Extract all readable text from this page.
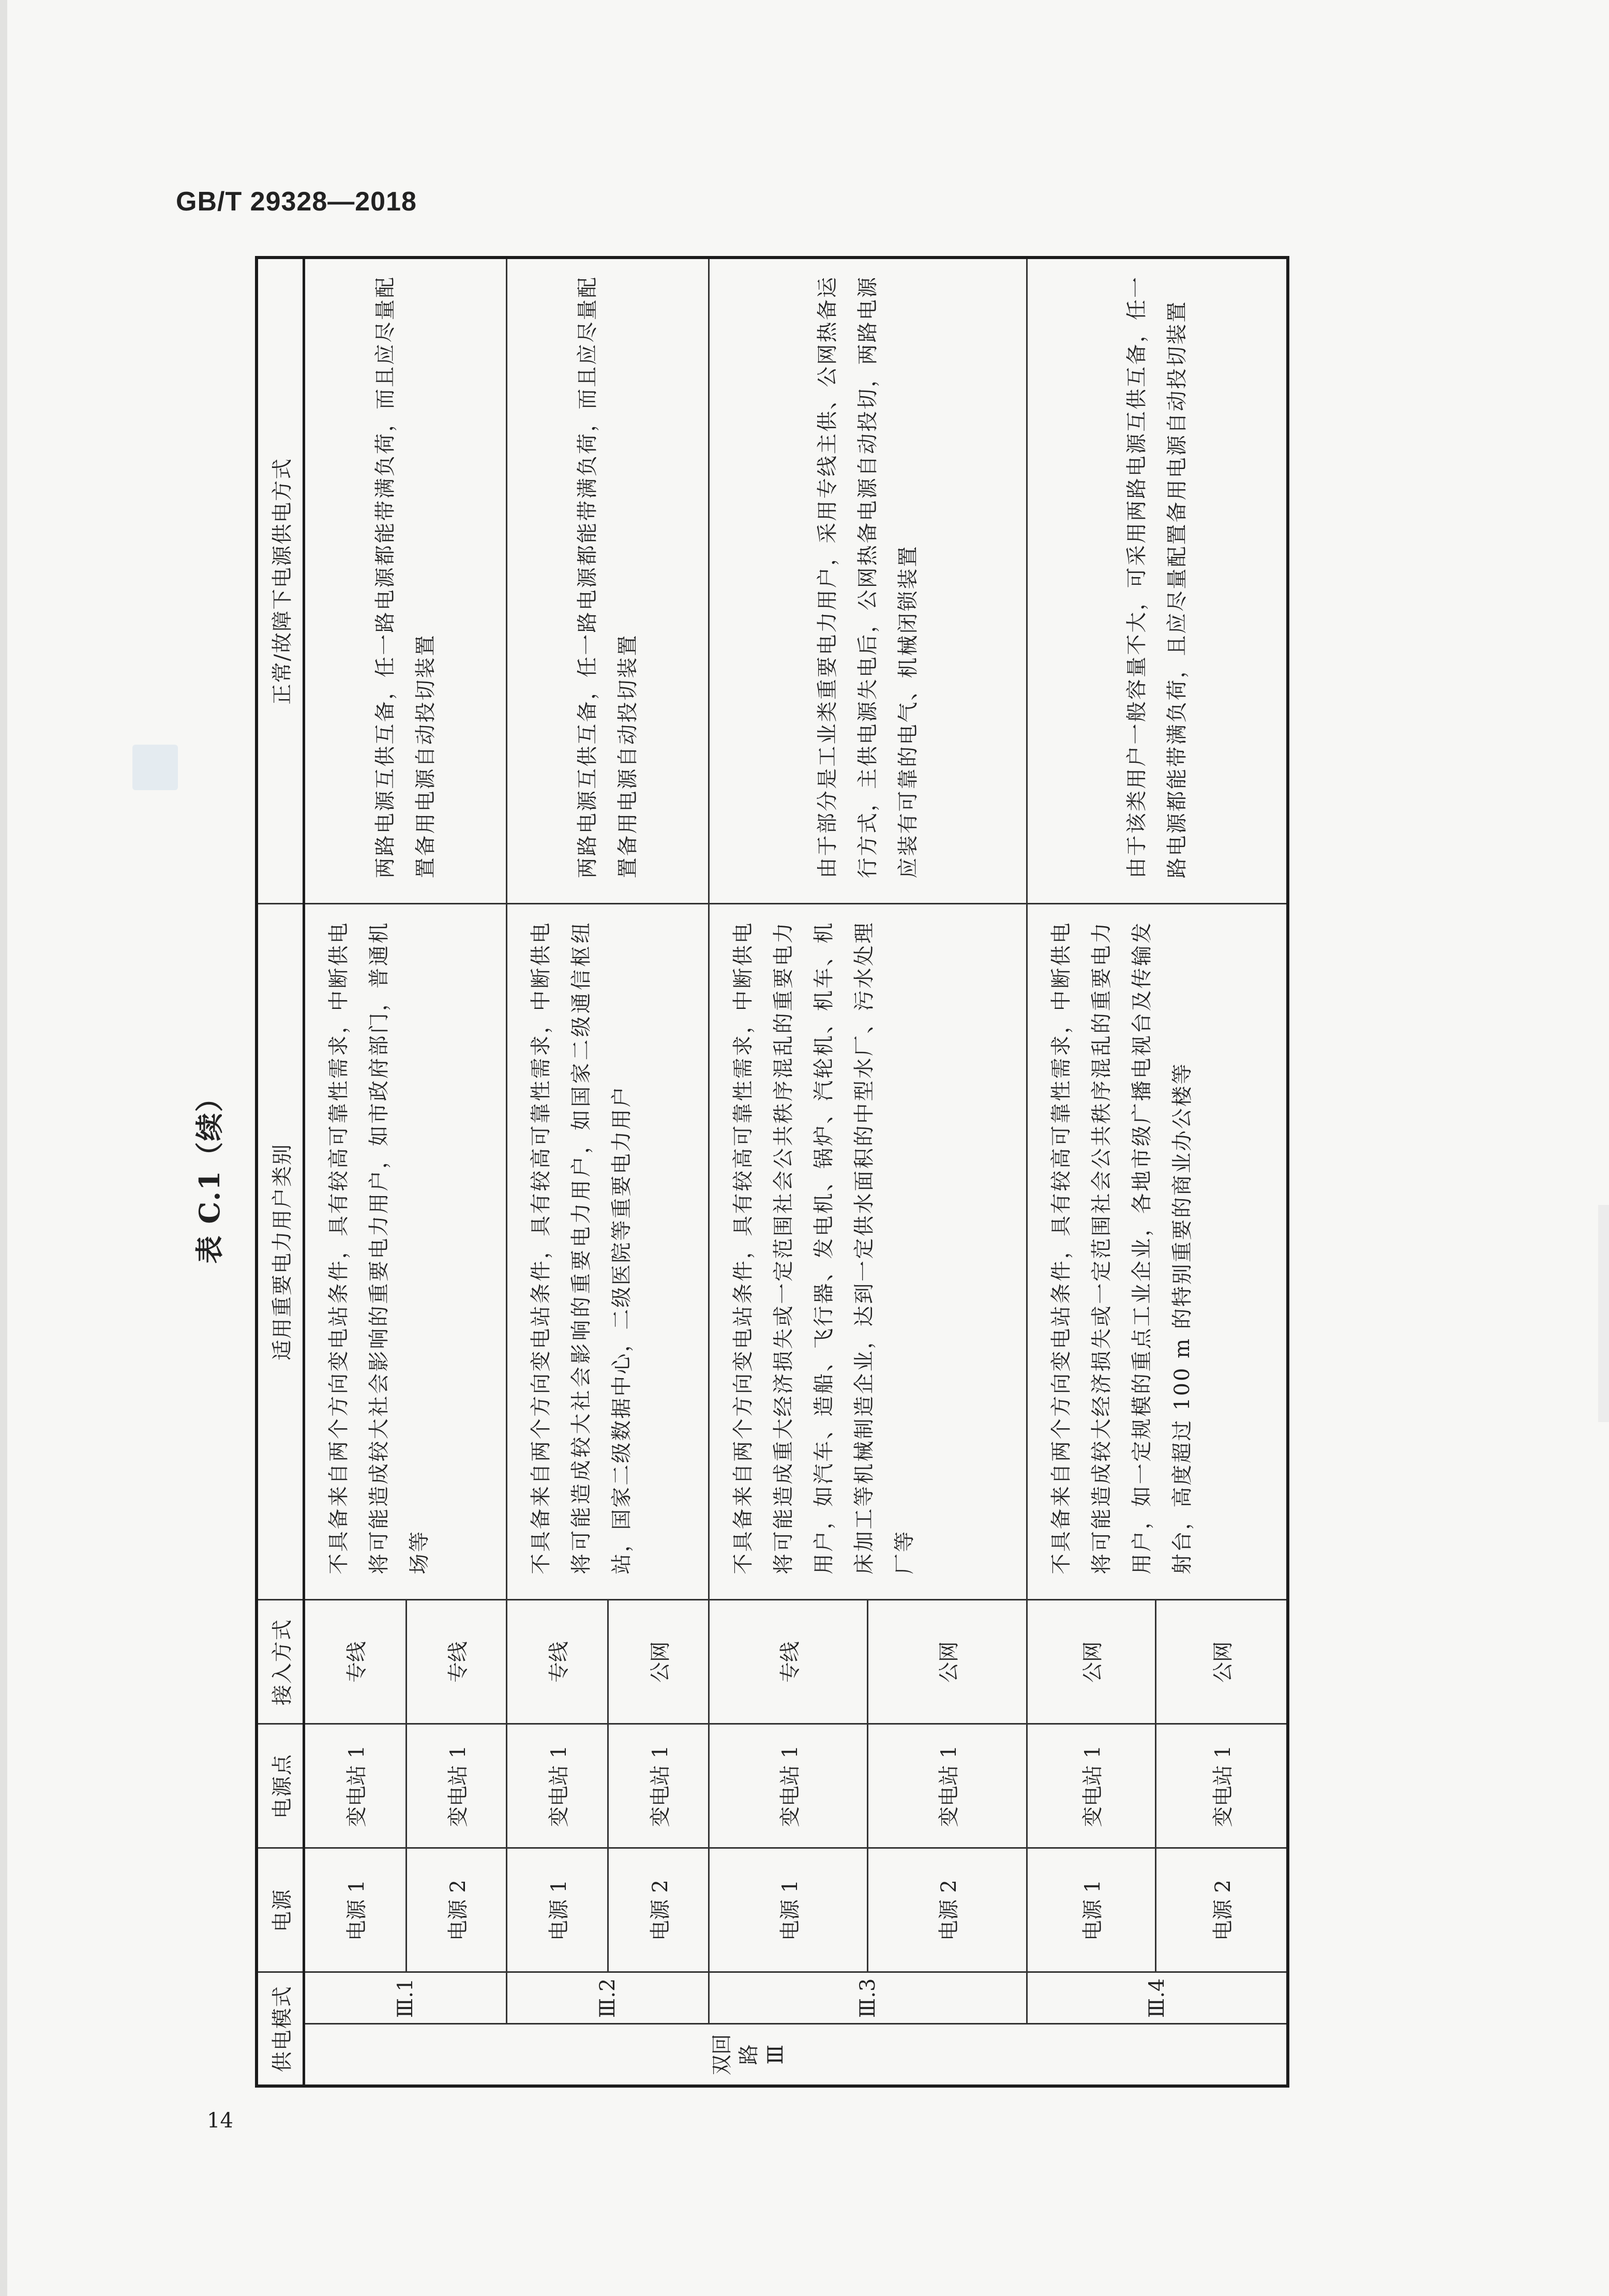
GB/T 29328—2018
表 C.1（续）
供电模式		电源	电源点	接入方式	适用重要电力用户类别	正常/故障下电源供电方式
双回路
Ⅲ	Ⅲ.1	电源 1	变电站 1	专线	不具备来自两个方向变电站条件，具有较高可靠性需求，中断供电将可能造成较大社会影响的重要电力用户，如市政府部门，普通机场等	两路电源互供互备，任一路电源都能带满负荷，而且应尽量配置备用电源自动投切装置
		电源 2	变电站 1	专线		
	Ⅲ.2	电源 1	变电站 1	专线	不具备来自两个方向变电站条件，具有较高可靠性需求，中断供电将可能造成较大社会影响的重要电力用户，如国家二级通信枢纽站，国家二级数据中心，二级医院等重要电力用户	两路电源互供互备，任一路电源都能带满负荷，而且应尽量配置备用电源自动投切装置
		电源 2	变电站 1	公网		
	Ⅲ.3	电源 1	变电站 1	专线	不具备来自两个方向变电站条件，具有较高可靠性需求，中断供电将可能造成重大经济损失或一定范围社会公共秩序混乱的重要电力用户，如汽车、造船、飞行器、发电机、锅炉、汽轮机、机车、机床加工等机械制造企业，达到一定供水面积的中型水厂、污水处理厂等	由于部分是工业类重要电力用户，采用专线主供、公网热备运行方式，主供电源失电后，公网热备电源自动投切，两路电源应装有可靠的电气、机械闭锁装置
		电源 2	变电站 1	公网		
	Ⅲ.4	电源 1	变电站 1	公网	不具备来自两个方向变电站条件，具有较高可靠性需求，中断供电将可能造成较大经济损失或一定范围社会公共秩序混乱的重要电力用户，如一定规模的重点工业企业，各地市级广播电视台及传输发射台，高度超过 100 m 的特别重要的商业办公楼等	由于该类用户一般容量不大，可采用两路电源互供互备，任一路电源都能带满负荷，且应尽量配置备用电源自动投切装置
		电源 2	变电站 1	公网		
14
